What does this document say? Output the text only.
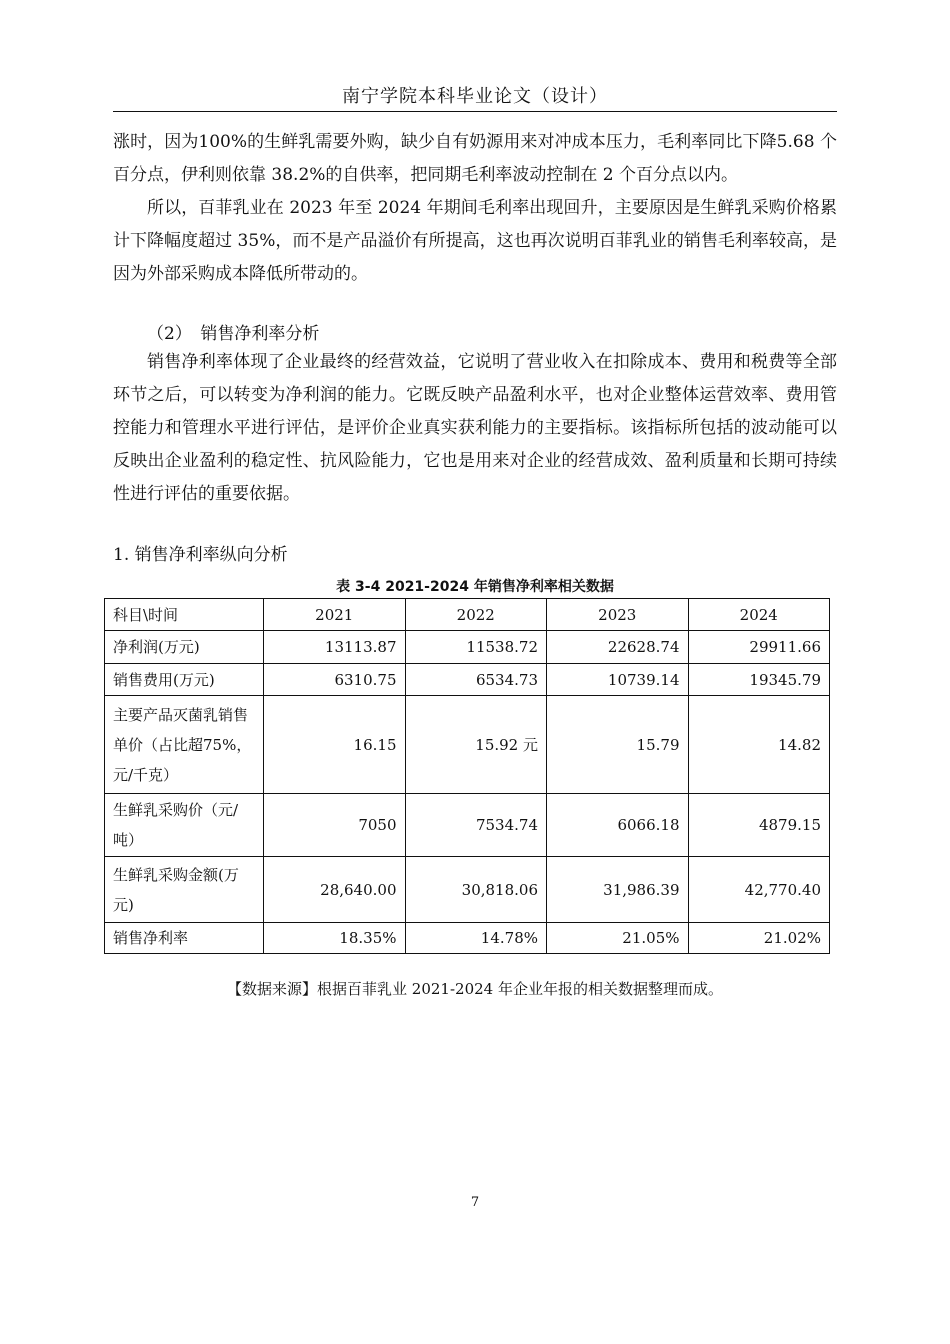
南宁学院本科毕业论文（设计）

涨时，因为100%的生鲜乳需要外购，缺少自有奶源用来对冲成本压力，毛利率同比下降5.68 个百分点，伊利则依靠 38.2%的自供率，把同期毛利率波动控制在 2 个百分点以内。

所以，百菲乳业在 2023 年至 2024 年期间毛利率出现回升，主要原因是生鲜乳采购价格累计下降幅度超过 35%，而不是产品溢价有所提高，这也再次说明百菲乳业的销售毛利率较高，是因为外部采购成本降低所带动的。

（2）　销售净利率分析

销售净利率体现了企业最终的经营效益，它说明了营业收入在扣除成本、费用和税费等全部环节之后，可以转变为净利润的能力。它既反映产品盈利水平，也对企业整体运营效率、费用管控能力和管理水平进行评估，是评价企业真实获利能力的主要指标。该指标所包括的波动能可以反映出企业盈利的稳定性、抗风险能力，它也是用来对企业的经营成效、盈利质量和长期可持续性进行评估的重要依据。

1. 销售净利率纵向分析
表 3-4 2021-2024 年销售净利率相关数据
科目\时间	2021	2022	2023	2024
净利润(万元)	13113.87	11538.72	22628.74	29911.66
销售费用(万元)	6310.75	6534.73	10739.14	19345.79
主要产品灭菌乳销售单价（占比超75%，元/千克）	16.15	15.92 元	15.79	14.82
生鲜乳采购价（元/吨）	7050	7534.74	6066.18	4879.15
生鲜乳采购金额(万元)	28,640.00	30,818.06	31,986.39	42,770.40
销售净利率	18.35%	14.78%	21.05%	21.02%
【数据来源】根据百菲乳业 2021-2024 年企业年报的相关数据整理而成。
7
